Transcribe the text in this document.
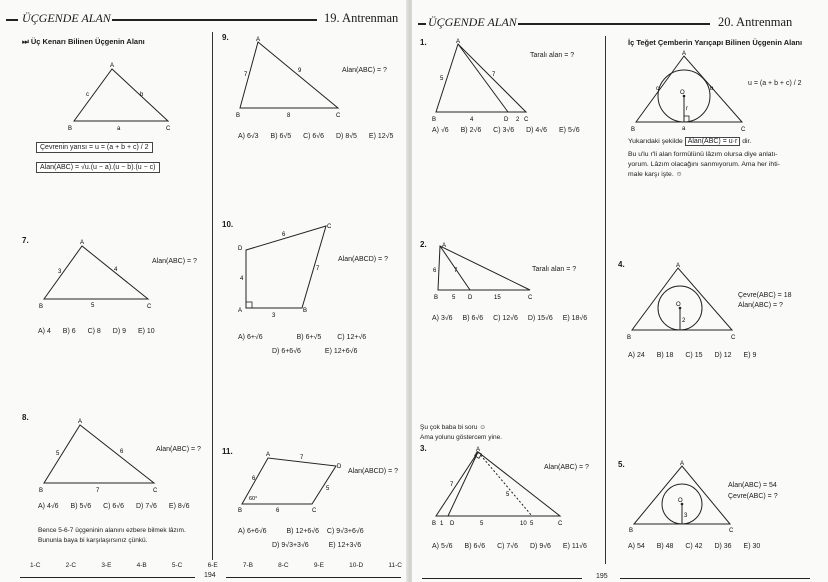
ÜÇGENDE ALAN	19. Antrenman
⏭ Üç Kenarı Bilinen Üçgenin Alanı
A
B	C
c	b
a
Çevrenin yarısı = u = (a + b + c) / 2
Alan(ABC) = √u.(u − a).(u − b).(u − c)
7.	A
B	C
3	4
5
Alan(ABC) = ?
A) 4 B) 6 C) 8 D) 9 E) 10
8.	A
B	C
5	6
7
Alan(ABC) = ?
A) 4√6 B) 5√6 C) 6√6 D) 7√6 E) 8√6
Bence 5-6-7 üçgeninin alanını ezbere bilmek lâzım.
Bununla baya bi karşılaşırsınız çünkü.
9.	A
B	C
7
9
8
Alan(ABC) = ?
A) 6√3 B) 6√5 C) 6√6 D) 8√5 E) 12√5
10.
D
C
B
A
6
7
4
3
Alan(ABCD) = ?
A) 6+√6	B) 6+√5 C) 12+√6
D) 6+6√6	E) 12+6√6
11.	A
D
C
B
60°
6
7
5
6
Alan(ABCD) = ?
A) 6+6√6	B) 12+6√6 C) 9√3+6√6
D) 9√3+3√6	E) 12+3√6
1-C	2-C	3-E	4-B	5-C	6-E	7-B	8-C	9-E	10-D	11-C
194
ÜÇGENDE ALAN	20. Antrenman
1.	A
B	D	C
5
7
4	2
Taralı alan = ?
A) √6 B) 2√6 C) 3√6 D) 4√6 E) 5√6
2.	A
B	D	C
6	7
5	15
Taralı alan = ?
A) 3√6 B) 6√6 C) 12√6 D) 15√6 E) 18√6
Şu çok baba bi soru ☺
Ama yolunu göstercem yine.
3.	A
B 1 D	5	10 5	C
7
5
Alan(ABC) = ?
A) 5√6 B) 6√6 C) 7√6 D) 9√6 E) 11√6
İç Teğet Çemberin Yarıçapı Bilinen Üçgenin Alanı
A
B	C
c	b
a
O
r
u = (a + b + c) / 2
Yukarıdaki şekilde Alan(ABC) = u·r dir.
Bu u'lu r'li alan formülünü lâzım olursa diye anlatı-
yorum. Lâzım olacağını sanmıyorum. Ama her ihti-
male karşı işte. ☺
4.	A
B	C
O
2
Çevre(ABC) = 18
Alan(ABC) = ?
A) 24 B) 18 C) 15 D) 12 E) 9
5.	A
B	C
O
3
Alan(ABC) = 54
Çevre(ABC) = ?
A) 54 B) 48 C) 42 D) 36 E) 30
195
